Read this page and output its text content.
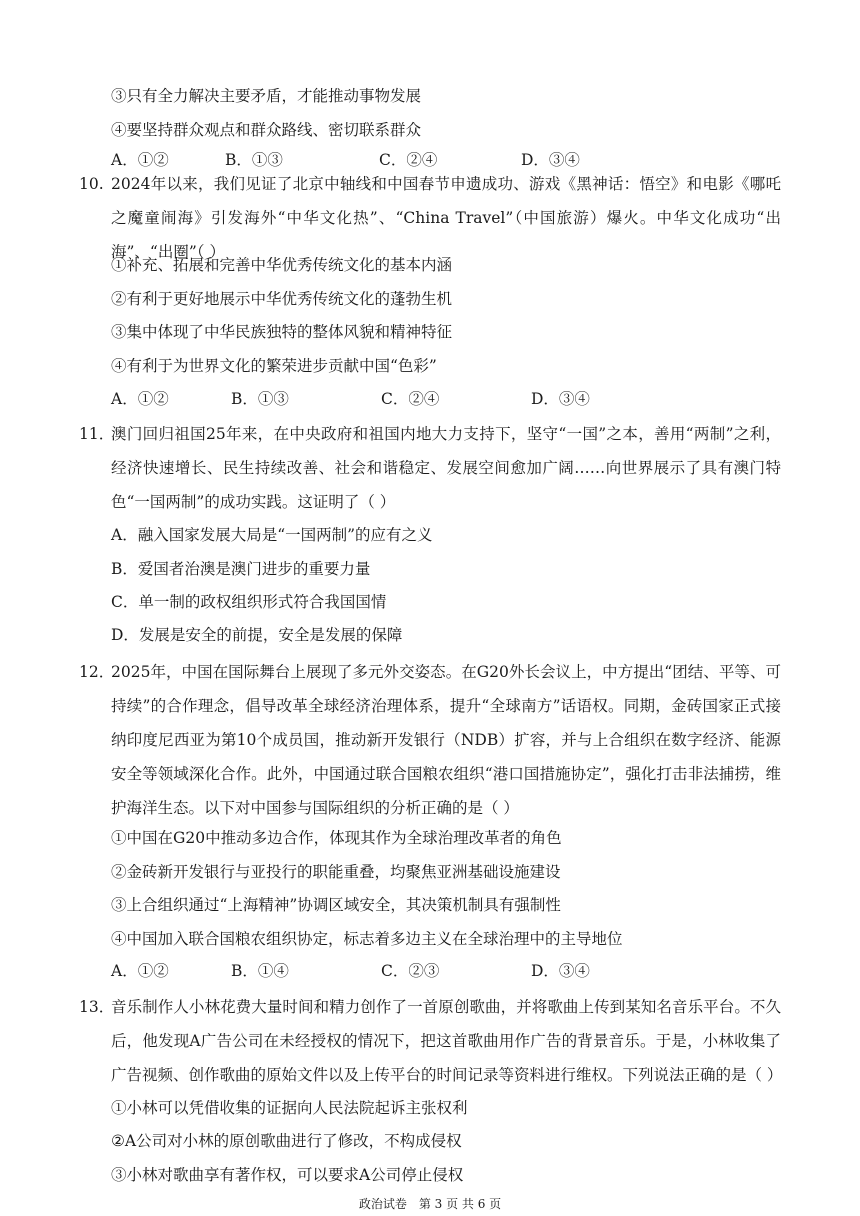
③只有全力解决主要矛盾，才能推动事物发展
④要坚持群众观点和群众路线、密切联系群众
A．①②	B．①③	C．②④	D．③④
10. 2024年以来，我们见证了北京中轴线和中国春节申遗成功、游戏《黑神话：悟空》和电影《哪吒之魔童闹海》引发海外“中华文化热”、“China Travel”（中国旅游）爆火。中华文化成功“出海”、“出圈”（ ）
①补充、拓展和完善中华优秀传统文化的基本内涵
②有利于更好地展示中华优秀传统文化的蓬勃生机
③集中体现了中华民族独特的整体风貌和精神特征
④有利于为世界文化的繁荣进步贡献中国“色彩”
A．①②	B．①③	C．②④	D．③④
11．
澳门回归祖国25年来，在中央政府和祖国内地大力支持下，坚守“一国”之本，善用“两制”之利，经济快速增长、民生持续改善、社会和谐稳定、发展空间愈加广阔……向世界展示了具有澳门特色“一国两制”的成功实践。这证明了（ ）
A．融入国家发展大局是“一国两制”的应有之义
B．爱国者治澳是澳门进步的重要力量
C．单一制的政权组织形式符合我国国情
D．发展是安全的前提，安全是发展的保障
12．
2025年，中国在国际舞台上展现了多元外交姿态。在G20外长会议上，中方提出“团结、平等、可持续”的合作理念，倡导改革全球经济治理体系，提升“全球南方”话语权。同期，金砖国家正式接纳印度尼西亚为第10个成员国，推动新开发银行（NDB）扩容，并与上合组织在数字经济、能源安全等领域深化合作。此外，中国通过联合国粮农组织“港口国措施协定”，强化打击非法捕捞，维护海洋生态。以下对中国参与国际组织的分析正确的是（ ）
①中国在G20中推动多边合作，体现其作为全球治理改革者的角色
②金砖新开发银行与亚投行的职能重叠，均聚焦亚洲基础设施建设
③上合组织通过“上海精神”协调区域安全，其决策机制具有强制性
④中国加入联合国粮农组织协定，标志着多边主义在全球治理中的主导地位
A．①②	B．①④	C．②③	D．③④
13．
音乐制作人小林花费大量时间和精力创作了一首原创歌曲，并将歌曲上传到某知名音乐平台。不久后，他发现A广告公司在未经授权的情况下，把这首歌曲用作广告的背景音乐。于是，小林收集了广告视频、创作歌曲的原始文件以及上传平台的时间记录等资料进行维权。下列说法正确的是（ ）
①小林可以凭借收集的证据向人民法院起诉主张权利
②A公司对小林的原创歌曲进行了修改，不构成侵权
③小林对歌曲享有著作权，可以要求A公司停止侵权
政治试卷　第 3 页 共 6 页
